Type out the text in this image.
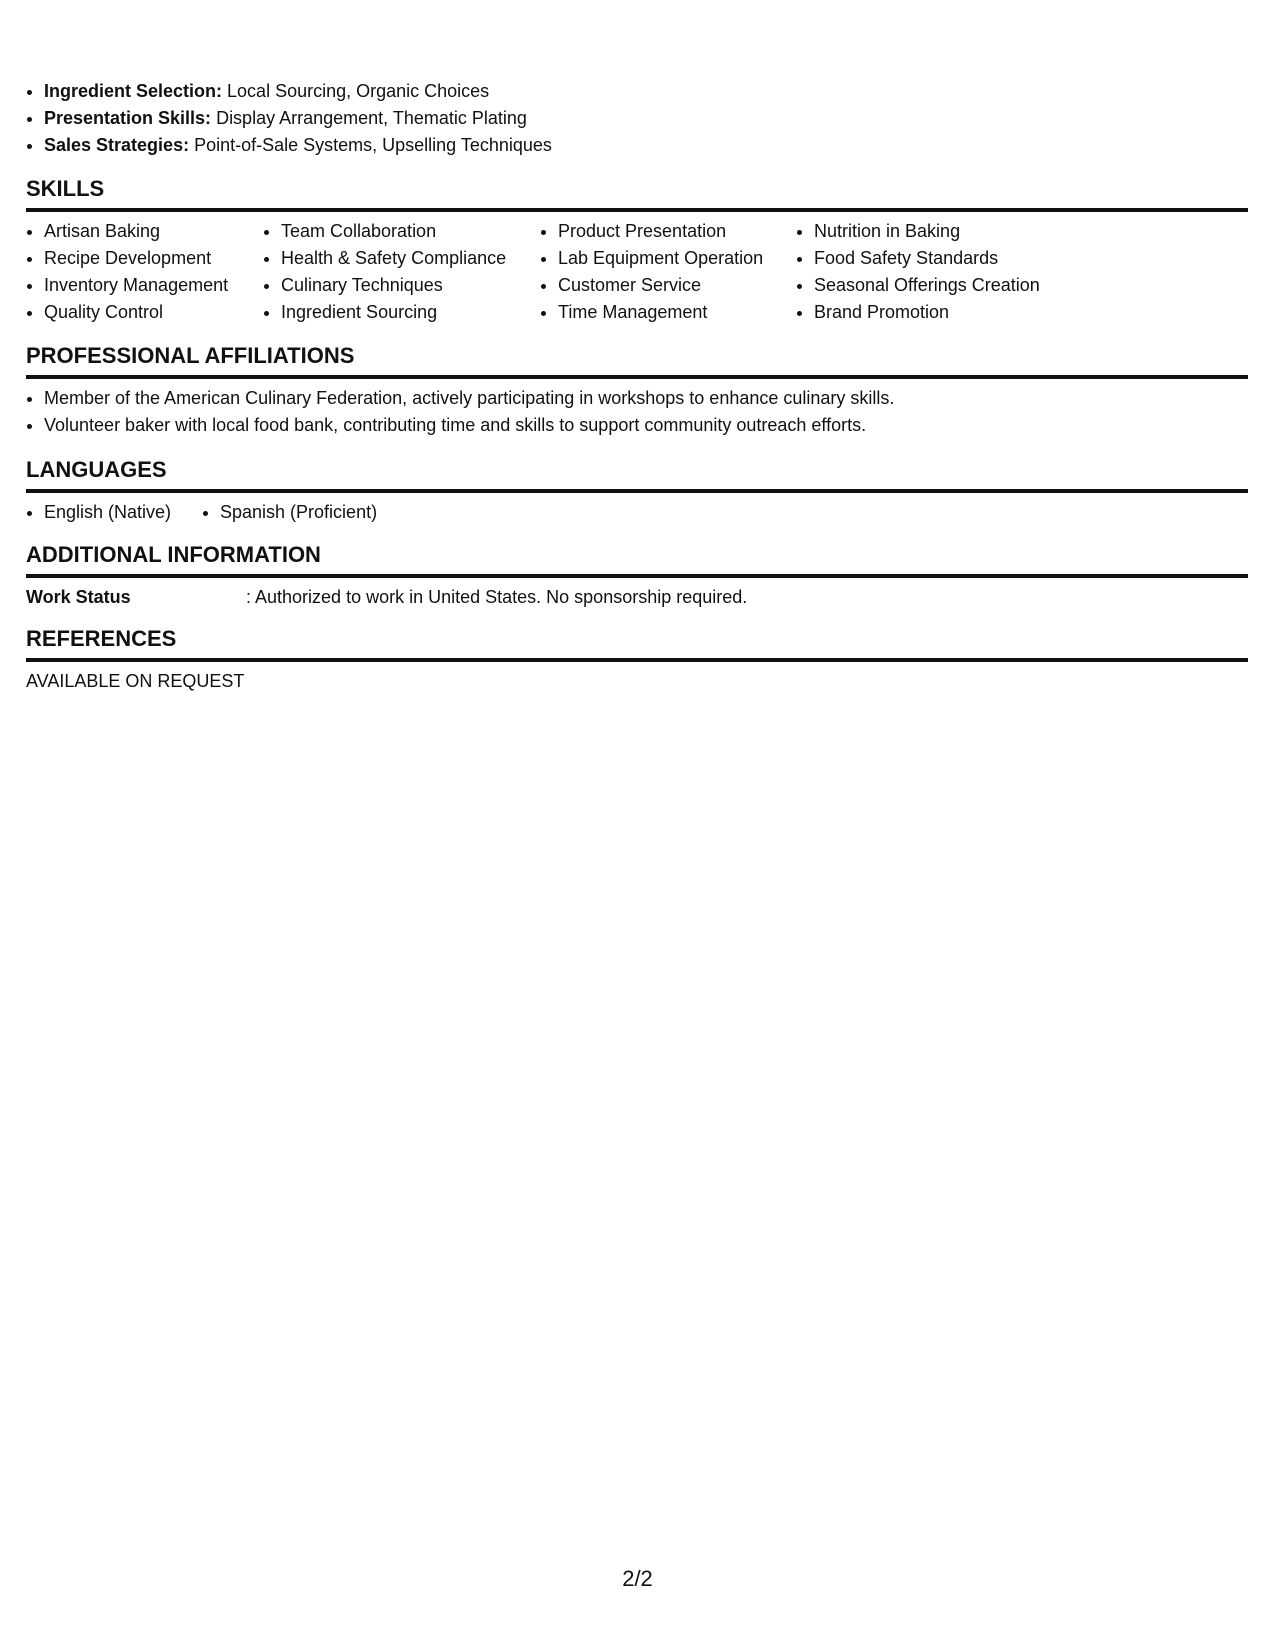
• Ingredient Selection: Local Sourcing, Organic Choices
• Presentation Skills: Display Arrangement, Thematic Plating
• Sales Strategies: Point-of-Sale Systems, Upselling Techniques
SKILLS
• Artisan Baking
• Recipe Development
• Inventory Management
• Quality Control
• Team Collaboration
• Health & Safety Compliance
• Culinary Techniques
• Ingredient Sourcing
• Product Presentation
• Lab Equipment Operation
• Customer Service
• Time Management
• Nutrition in Baking
• Food Safety Standards
• Seasonal Offerings Creation
• Brand Promotion
PROFESSIONAL AFFILIATIONS
• Member of the American Culinary Federation, actively participating in workshops to enhance culinary skills.
• Volunteer baker with local food bank, contributing time and skills to support community outreach efforts.
LANGUAGES
• English (Native)
•	Spanish (Proficient)
ADDITIONAL INFORMATION
Work Status	: Authorized to work in United States. No sponsorship required.
REFERENCES
AVAILABLE ON REQUEST
2/2
